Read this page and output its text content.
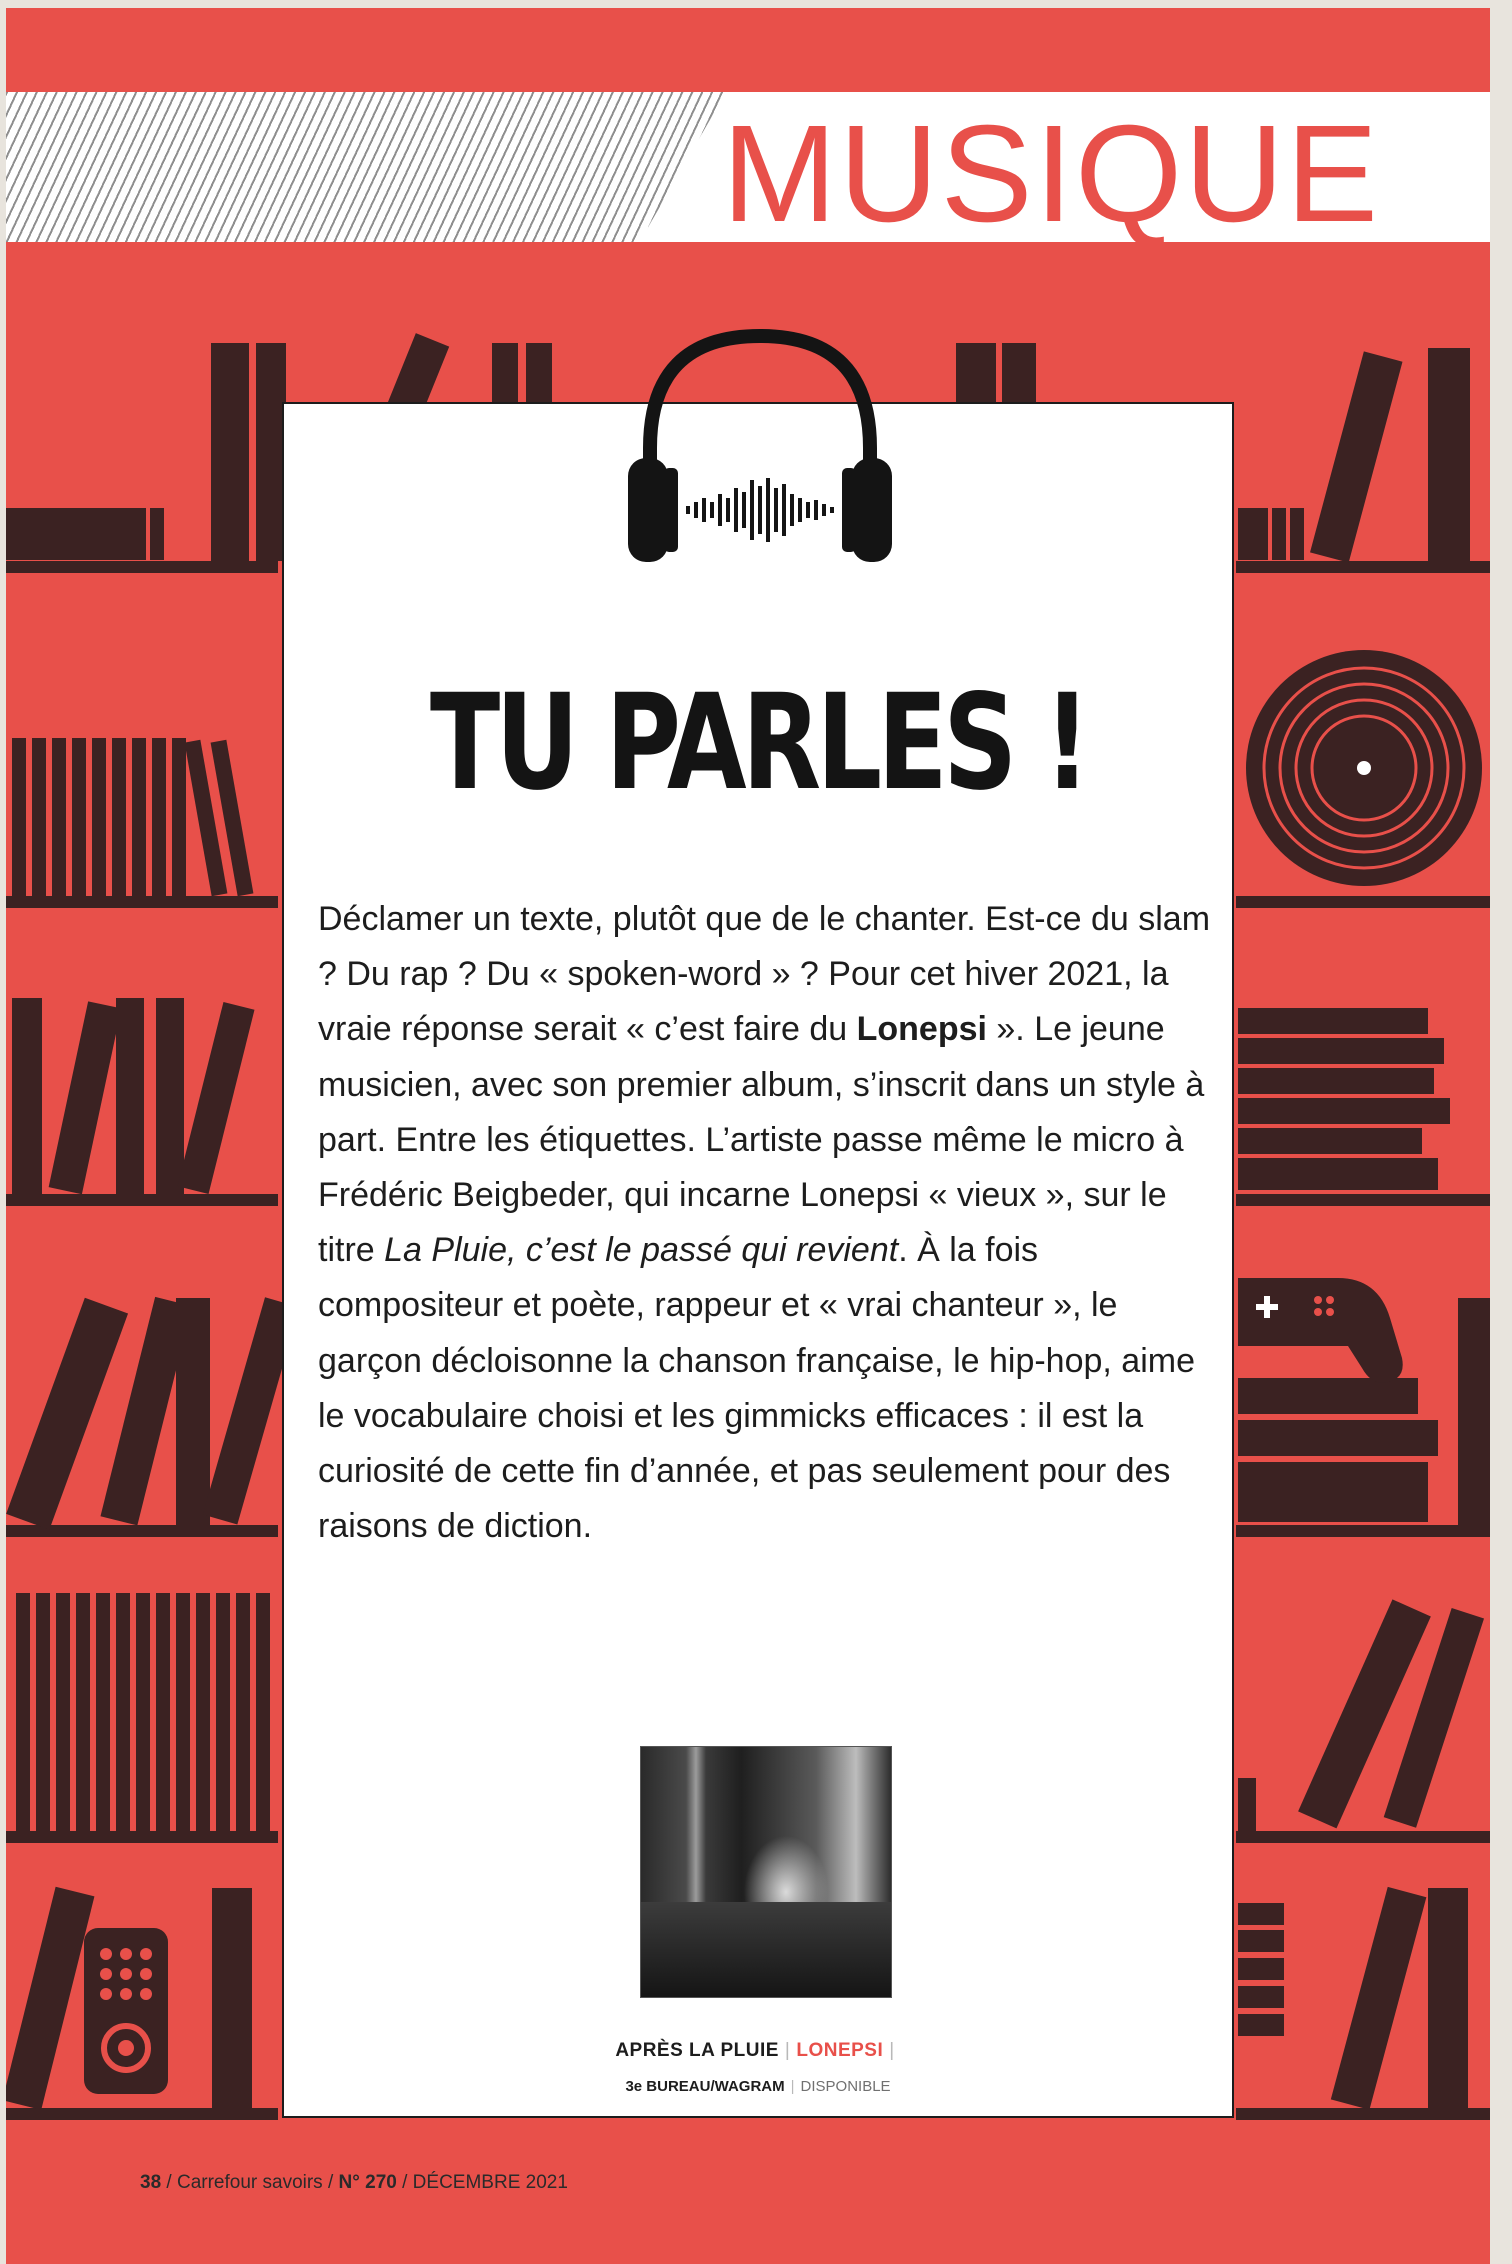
MUSIQUE
TU PARLES !

Déclamer un texte, plutôt que de le chanter. Est-ce du slam ? Du rap ? Du « spoken-word » ? Pour cet hiver 2021, la vraie réponse serait « c’est faire du Lonepsi ». Le jeune musicien, avec son premier album, s’inscrit dans un style à part. Entre les étiquettes. L’artiste passe même le micro à Frédéric Beigbeder, qui incarne Lonepsi « vieux », sur le titre La Pluie, c’est le passé qui revient. À la fois compositeur et poète, rappeur et « vrai chanteur », le garçon décloisonne la chanson française, le hip-hop, aime le vocabulaire choisi et les gimmicks efficaces : il est la curiosité de cette fin d’année, et pas seulement pour des raisons de diction.

APRÈS LA PLUIE | LONEPSI |
3e BUREAU/WAGRAM | DISPONIBLE
38 / Carrefour savoirs / N° 270 / DÉCEMBRE 2021
